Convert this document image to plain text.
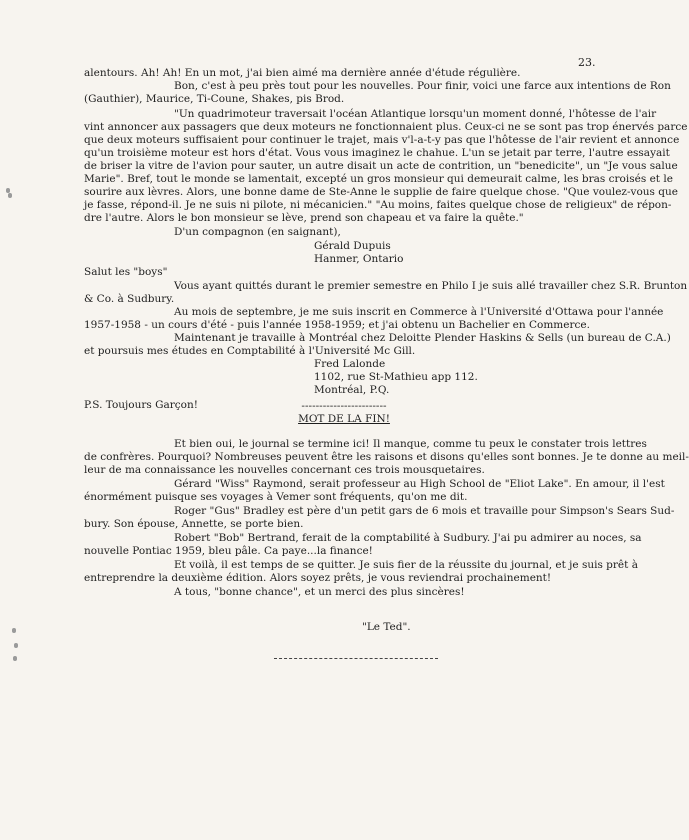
23.
alentours. Ah! Ah! En un mot, j'ai bien aimé ma dernière année d'étude régulière.
Bon, c'est à peu près tout pour les nouvelles. Pour finir, voici une farce aux intentions de Ron
(Gauthier), Maurice, Ti-Coune, Shakes, pis Brod.
"Un quadrimoteur traversait l'océan Atlantique lorsqu'un moment donné, l'hôtesse de l'air
vint annoncer aux passagers que deux moteurs ne fonctionnaient plus. Ceux-ci ne se sont pas trop énervés parce
que deux moteurs suffisaient pour continuer le trajet, mais v'l-a-t-y pas que l'hôtesse de l'air revient et annonce
qu'un troisième moteur est hors d'état. Vous vous imaginez le chahue. L'un se jetait par terre, l'autre essayait
de briser la vitre de l'avion pour sauter, un autre disait un acte de contrition, un "benedicite", un "Je vous salue
Marie". Bref, tout le monde se lamentait, excepté un gros monsieur qui demeurait calme, les bras croisés et le
sourire aux lèvres. Alors, une bonne dame de Ste-Anne le supplie de faire quelque chose. "Que voulez-vous que
je fasse, répond-il. Je ne suis ni pilote, ni mécanicien." "Au moins, faites quelque chose de religieux" de répon-
dre l'autre. Alors le bon monsieur se lève, prend son chapeau et va faire la quête."
D'un compagnon (en saignant),
Gérald Dupuis
Hanmer, Ontario
Salut les "boys"
Vous ayant quittés durant le premier semestre en Philo I je suis allé travailler chez S.R. Brunton
& Co. à Sudbury.
Au mois de septembre, je me suis inscrit en Commerce à l'Université d'Ottawa pour l'année
1957-1958 - un cours d'été - puis l'année 1958-1959; et j'ai obtenu un Bachelier en Commerce.
Maintenant je travaille à Montréal chez Deloitte Plender Haskins & Sells (un bureau de C.A.)
et poursuis mes études en Comptabilité à l'Université Mc Gill.
Fred Lalonde
1102, rue St-Mathieu app 112.
Montréal, P.Q.
P.S. Toujours Garçon!	------------------------
MOT DE LA FIN!
Et bien oui, le journal se termine ici! Il manque, comme tu peux le constater trois lettres
de confrères. Pourquoi? Nombreuses peuvent être les raisons et disons qu'elles sont bonnes. Je te donne au meil-
leur de ma connaissance les nouvelles concernant ces trois mousquetaires.
Gérard "Wiss" Raymond, serait professeur au High School de "Eliot Lake". En amour, il l'est
énormément puisque ses voyages à Vemer sont fréquents, qu'on me dit.
Roger "Gus" Bradley est père d'un petit gars de 6 mois et travaille pour Simpson's Sears Sud-
bury. Son épouse, Annette, se porte bien.
Robert "Bob" Bertrand, ferait de la comptabilité à Sudbury. J'ai pu admirer au noces, sa
nouvelle Pontiac 1959, bleu pâle. Ca paye...la finance!
Et voilà, il est temps de se quitter. Je suis fier de la réussite du journal, et je suis prêt à
entreprendre la deuxième édition. Alors soyez prêts, je vous reviendrai prochainement!
A tous, "bonne chance", et un merci des plus sincères!
"Le Ted".
